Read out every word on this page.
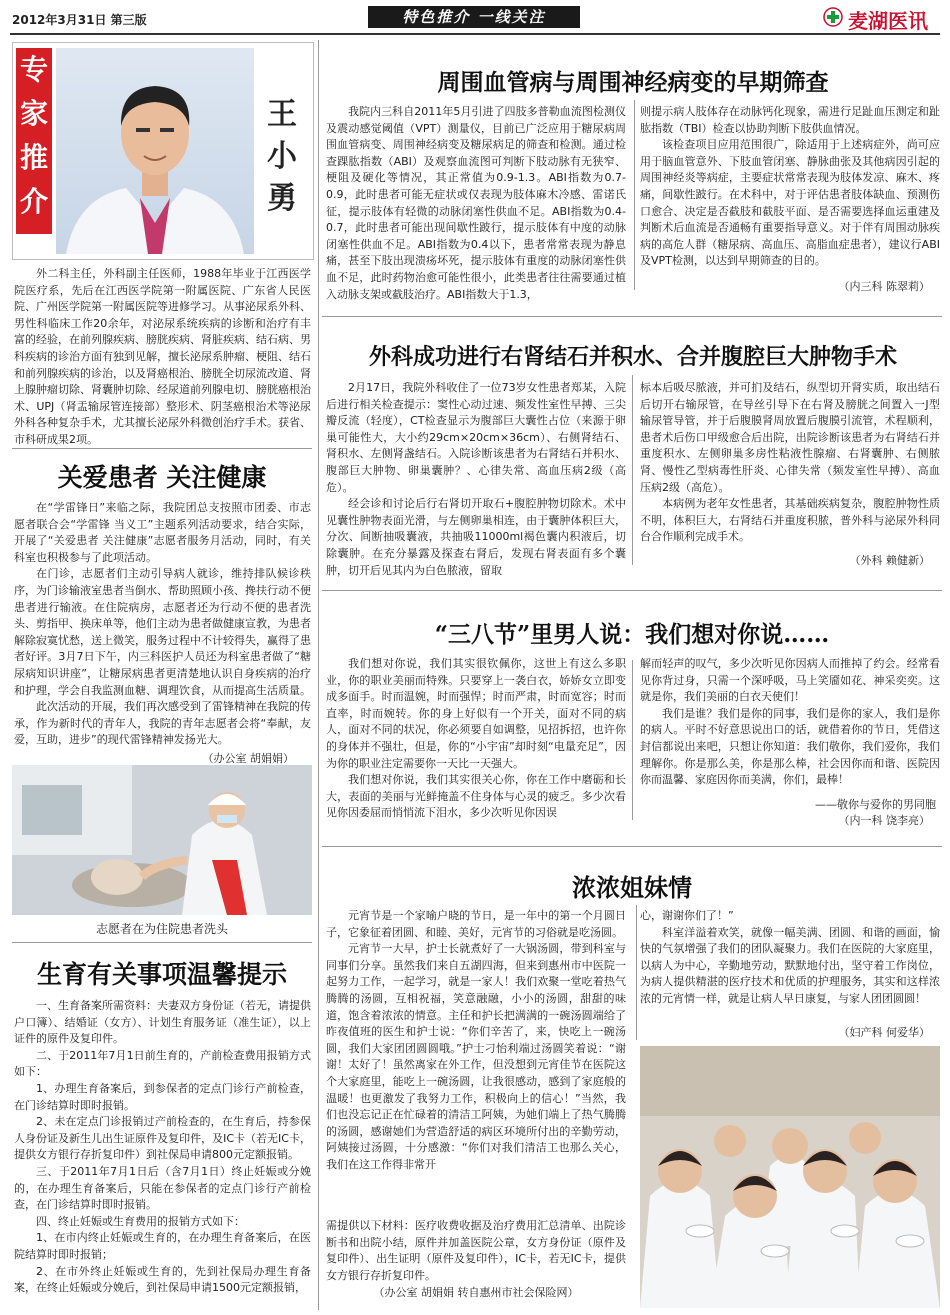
2012年3月31日 第三版	特色推介 一线关注	麦湖医讯
专
家
推
介
王
小
勇
外二科主任，外科副主任医师，1988年毕业于江西医学院医疗系，先后在江西医学院第一附属医院、广东省人民医院、广州医学院第一附属医院等进修学习。从事泌尿系外科、男性科临床工作20余年，对泌尿系统疾病的诊断和治疗有丰富的经验，在前列腺疾病、膀胱疾病、肾脏疾病、结石病、男科疾病的诊治方面有独到见解，擅长泌尿系肿瘤、梗阻、结石和前列腺疾病的诊治，以及肾癌根治、膀胱全切尿流改道、肾上腺肿瘤切除、肾囊肿切除、经尿道前列腺电切、膀胱癌根治术、UPJ（肾盂输尿管连接部）整形术、阴茎癌根治术等泌尿外科各种复杂手术，尤其擅长泌尿外科微创治疗手术。获省、市科研成果2项。
关爱患者 关注健康

在“学雷锋日”来临之际，我院团总支按照市团委、市志愿者联合会“学雷锋 当义工”主题系列活动要求，结合实际，开展了“关爱患者 关注健康”志愿者服务月活动，同时，有关科室也积极参与了此项活动。

在门诊，志愿者们主动引导病人就诊，维持排队候诊秩序，为门诊输液室患者当倒水、帮助照顾小孩、搀扶行动不便患者进行输液。在住院病房，志愿者还为行动不便的患者洗头、剪指甲、换床单等，他们主动为患者做健康宣教，为患者解除寂寞忧愁，送上微笑，服务过程中不计较得失，赢得了患者好评。3月7日下午，内三科医护人员还为科室患者做了“糖尿病知识讲座”，让糖尿病患者更清楚地认识自身疾病的治疗和护理，学会自我监测血糖、调理饮食，从而提高生活质量。

此次活动的开展，我们再次感受到了雷锋精神在我院的传承，作为新时代的青年人，我院的青年志愿者会将“奉献，友爱，互助，进步”的现代雷锋精神发扬光大。

（办公室 胡娟娟）
志愿者在为住院患者洗头
生育有关事项温馨提示

一、生育备案所需资料：夫妻双方身份证（若无，请提供户口簿）、结婚证（女方）、计划生育服务证（准生证），以上证件的原件及复印件。

二、于2011年7月1日前生育的，产前检查费用报销方式如下：

1、办理生育备案后，到参保者的定点门诊行产前检查，在门诊结算时即时报销。

2、未在定点门诊报销过产前检查的，在生育后，持参保人身份证及新生儿出生证原件及复印件，及IC卡（若无IC卡，提供女方银行存折复印件）到社保局申请800元定额报销。

三、于2011年7月1日后（含7月1日）终止妊娠或分娩的，在办理生育备案后，只能在参保者的定点门诊行产前检查，在门诊结算时即时报销。

四、终止妊娠或生育费用的报销方式如下：

1、在市内终止妊娠或生育的，在办理生育备案后，在医院结算时即时报销；

2、在市外终止妊娠或生育的，先到社保局办理生育备案，在终止妊娠或分娩后，到社保局申请1500元定额报销，

需提供以下材料：医疗收费收据及治疗费用汇总清单、出院诊断书和出院小结，原件并加盖医院公章，女方身份证（原件及复印件）、出生证明（原件及复印件），IC卡，若无IC卡，提供女方银行存折复印件。
（办公室 胡娟娟 转自惠州市社会保险网）
周围血管病与周围神经病变的早期筛查
我院内三科自2011年5月引进了四肢多普勒血流图检测仪及震动感觉阈值（VPT）测量仪，目前已广泛应用于糖尿病周围血管病变、周围神经病变及糖尿病足的筛查和检测。通过检查踝肱指数（ABI）及观察血流图可判断下肢动脉有无狭窄、梗阻及硬化等情况，其正常值为0.9-1.3。ABI指数为0.7-0.9，此时患者可能无症状或仅表现为肢体麻木冷感、雷诺氏征，提示肢体有轻微的动脉闭塞性供血不足。ABI指数为0.4-0.7，此时患者可能出现间歇性跛行，提示肢体有中度的动脉闭塞性供血不足。ABI指数为0.4以下，患者常常表现为静息痛，甚至下肢出现溃疡坏死，提示肢体有重度的动脉闭塞性供血不足，此时药物治愈可能性很小，此类患者往往需要通过植入动脉支架或截肢治疗。ABI指数大于1.3，

则提示病人肢体存在动脉钙化现象，需进行足趾血压测定和趾肱指数（TBI）检查以协助判断下肢供血情况。

该检查项目应用范围很广，除适用于上述病症外，尚可应用于脑血管意外、下肢血管闭塞、静脉曲张及其他病因引起的周围神经炎等病症，主要症状常常表现为肢体发凉、麻木、疼痛，间歇性跛行。在术科中，对于评估患者肢体缺血、预测伤口愈合、决定是否截肢和截肢平面、是否需要选择血运重建及判断术后血流是否通畅有重要指导意义。对于伴有周围动脉疾病的高危人群（糖尿病、高血压、高脂血症患者），建议行ABI及VPT检测，以达到早期筛查的目的。

（内三科 陈翠莉）
外科成功进行右肾结石并积水、合并腹腔巨大肿物手术

2月17日，我院外科收住了一位73岁女性患者郑某，入院后进行相关检查提示：窦性心动过速、频发性室性早搏、三尖瓣反流（轻度），CT检查显示为腹部巨大囊性占位（来源于卵巢可能性大，大小约29cm×20cm×36cm）、右侧肾结石、肾积水、左侧肾盏结石。入院诊断该患者为右肾结石并积水、腹部巨大肿物、卵巢囊肿？、心律失常、高血压病2级（高危）。

经会诊和讨论后行右肾切开取石+腹腔肿物切除术。术中见囊性肿物表面光滑，与左侧卵巢相连，由于囊肿体积巨大，分次、间断抽吸囊液，共抽吸11000ml褐色囊内积液后，切除囊肿。在充分暴露及探查右肾后，发现右肾表面有多个囊肿，切开后见其内为白色脓液，留取

标本后吸尽脓液，并可扪及结石，纵型切开肾实质，取出结石后切开右输尿管，在导丝引导下在右肾及膀胱之间置入一J型输尿管导管，并于后腹膜肾周放置后腹膜引流管，术程顺利，患者术后伤口甲级愈合后出院，出院诊断该患者为右肾结石并重度积水、左侧卵巢多房性粘液性腺瘤、右肾囊肿、右侧脓肾、慢性乙型病毒性肝炎、心律失常（频发室性早搏）、高血压病2级（高危）。

本病例为老年女性患者，其基础疾病复杂，腹腔肿物性质不明，体积巨大，右肾结石并重度积脓，普外科与泌尿外科同台合作顺利完成手术。

（外科 赖健新）
“三八节”里男人说：我们想对你说……

我们想对你说，我们其实很钦佩你，这世上有这么多职业，你的职业美丽而特殊。只要穿上一袭白衣，娇娇女立即变成多面手。时而温婉，时而强悍；时而严肃，时而宽容；时而直率，时而婉转。你的身上好似有一个开关，面对不同的病人，面对不同的状况，你必须要自如调整，见招拆招，也许你的身体并不强壮，但是，你的“小宇宙”却时刻“电量充足”，因为你的职业注定需要你一天比一天强大。

我们想对你说，我们其实很关心你，你在工作中磨砺和长大，表面的美丽与光鲜掩盖不住身体与心灵的疲乏。多少次看见你因委屈而悄悄流下泪水，多少次听见你因误

解而轻声的叹气，多少次听见你因病人而推掉了约会。经常看见你背过身，只需一个深呼吸，马上笑靥如花、神采奕奕。这就是你，我们美丽的白衣天使们！

我们是谁？我们是你的同事，我们是你的家人，我们是你的病人。平时不好意思说出口的话，就借着你的节日，凭借这封信都说出来吧，只想让你知道：我们敬你，我们爱你，我们理解你。你是那么美，你是那么棒，社会因你而和谐、医院因你而温馨、家庭因你而美满，你们，最棒！

——敬你与爱你的男同胞
（内一科 饶李亮）
浓浓姐妹情

元宵节是一个家喻户晓的节日，是一年中的第一个月圆日子，它象征着团圆、和睦、美好，元宵节的习俗就是吃汤圆。

元宵节一大早，护士长就煮好了一大锅汤圆，带到科室与同事们分享。虽然我们来自五湖四海，但来到惠州市中医院一起努力工作，一起学习，就是一家人！我们欢聚一堂吃着热气腾腾的汤圆，互相祝福，笑意融融，小小的汤圆，甜甜的味道，饱含着浓浓的情意。主任和护长把满满的一碗汤圆端给了昨夜值班的医生和护士说：“你们辛苦了，来，快吃上一碗汤圆，我们大家团团圆圆哦。”护士刁怡利端过汤圆笑着说：“谢谢！太好了！虽然离家在外工作，但没想到元宵佳节在医院这个大家庭里，能吃上一碗汤圆，让我很感动，感到了家庭般的温暖！也更激发了我努力工作，积极向上的信心！”当然，我们也没忘记正在忙碌着的清洁工阿姨，为她们端上了热气腾腾的汤圆，感谢她们为营造舒适的病区环境所付出的辛勤劳动，阿姨接过汤圆，十分感激：“你们对我们清洁工也那么关心，我们在这工作得非常开

心，谢谢你们了！”

科室洋溢着欢笑，就像一幅美满、团圆、和谐的画面，愉快的气氛增强了我们的团队凝聚力。我们在医院的大家庭里，以病人为中心，辛勤地劳动，默默地付出，坚守着工作岗位，为病人提供精湛的医疗技术和优质的护理服务，其实和这样浓浓的元宵情一样，就是让病人早日康复，与家人团团圆圆！

（妇产科 何爱华）
